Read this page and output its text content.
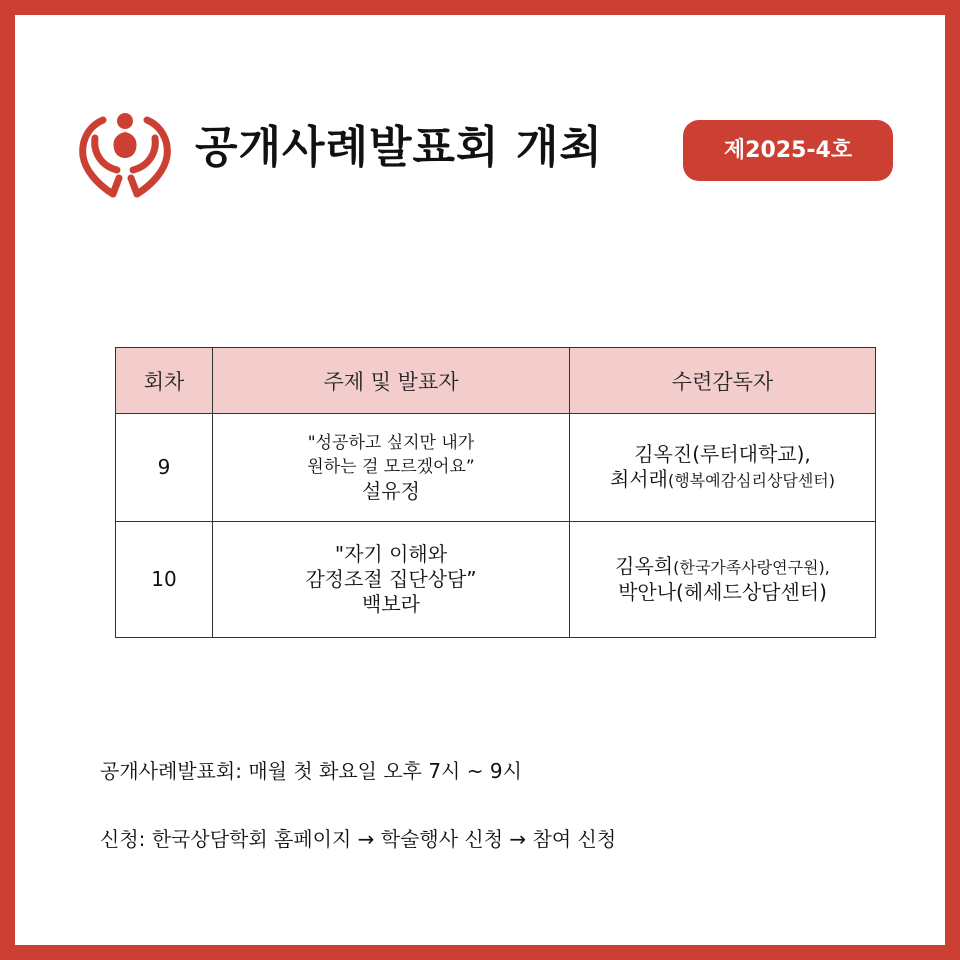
공개사례발표회 개최	제2025-4호
회차	주제 및 발표자	수련감독자
9	"성공하고 싶지만 내가
원하는 걸 모르겠어요”
설유정	김옥진(루터대학교),
최서래(행복예감심리상담센터)

10	"자기 이해와
감정조절 집단상담”
백보라	김옥희(한국가족사랑연구원),
박안나(헤세드상담센터)
공개사례발표회: 매월 첫 화요일 오후 7시 ~ 9시
신청: 한국상담학회 홈페이지 → 학술행사 신청 → 참여 신청
